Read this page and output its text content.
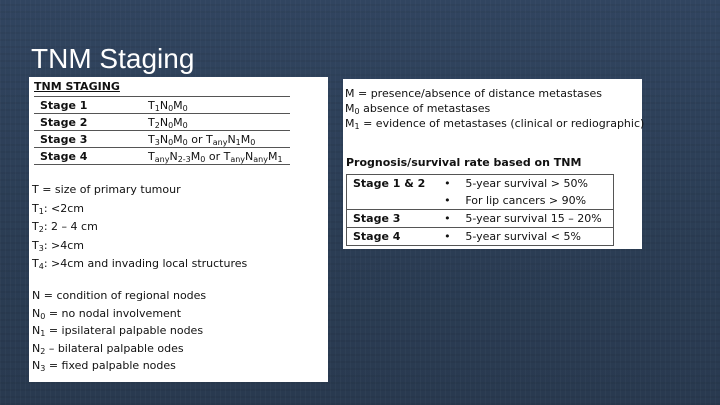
TNM Staging
TNM STAGING
Stage 1	$T_1N_0M_0$
Stage 2	$T_2N_0M_0$
Stage 3	$T_3N_0M_0$ or $T_{any}N_1M_0$
Stage 4	$T_{any}N_{2-3}M_0$ or $T_{any}N_{any}M_1$
T = size of primary tumour
$T_1$: <2cm
$T_2$: 2 – 4 cm
$T_3$: >4cm
$T_4$: >4cm and invading local structures
N = condition of regional nodes
$N_0$ = no nodal involvement
$N_1$ = ipsilateral palpable nodes
$N_2$ – bilateral palpable odes
$N_3$ = fixed palpable nodes
M = presence/absence of distance metastases
$M_0$ absence of metastases
$M_1$ = evidence of metastases (clinical or rediographic)
Prognosis/survival rate based on TNM
Stage 1 & 2	•	5-year survival > 50%
	•	For lip cancers > 90%
Stage 3	•	5-year survival 15 – 20%
Stage 4	•	5-year survival < 5%
